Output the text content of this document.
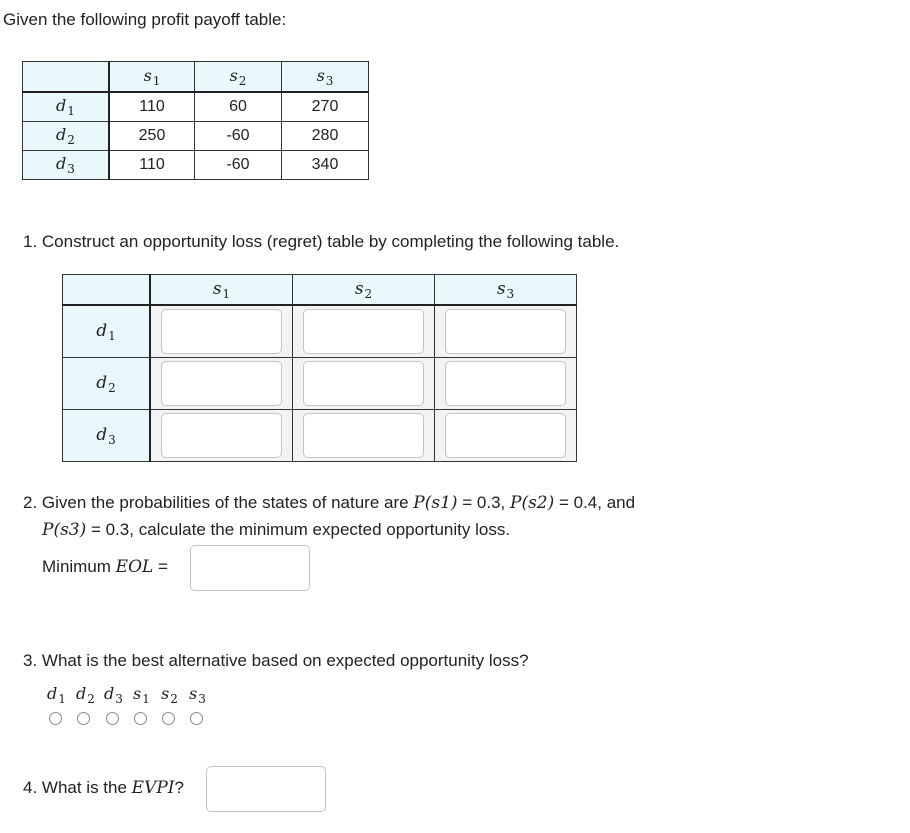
Given the following profit payoff table:

	$s_1$	$s_2$	$s_3$
$d_1$	110	60	270
$d_2$	250	-60	280
$d_3$	110	-60	340

1. Construct an opportunity loss (regret) table by completing the following table.

	$s_1$	$s_2$	$s_3$
$d_1$	

$d_2$	

$d_3$	

2. Given the probabilities of the states of nature are P(s1) = 0.3, P(s2) = 0.4, and

P(s3) = 0.3, calculate the minimum expected opportunity loss.

Minimum EOL =

3. What is the best alternative based on expected opportunity loss?

$d_1$ $d_2$ $d_3$ $s_1$ $s_2$ $s_3$

4. What is the EVPI?
